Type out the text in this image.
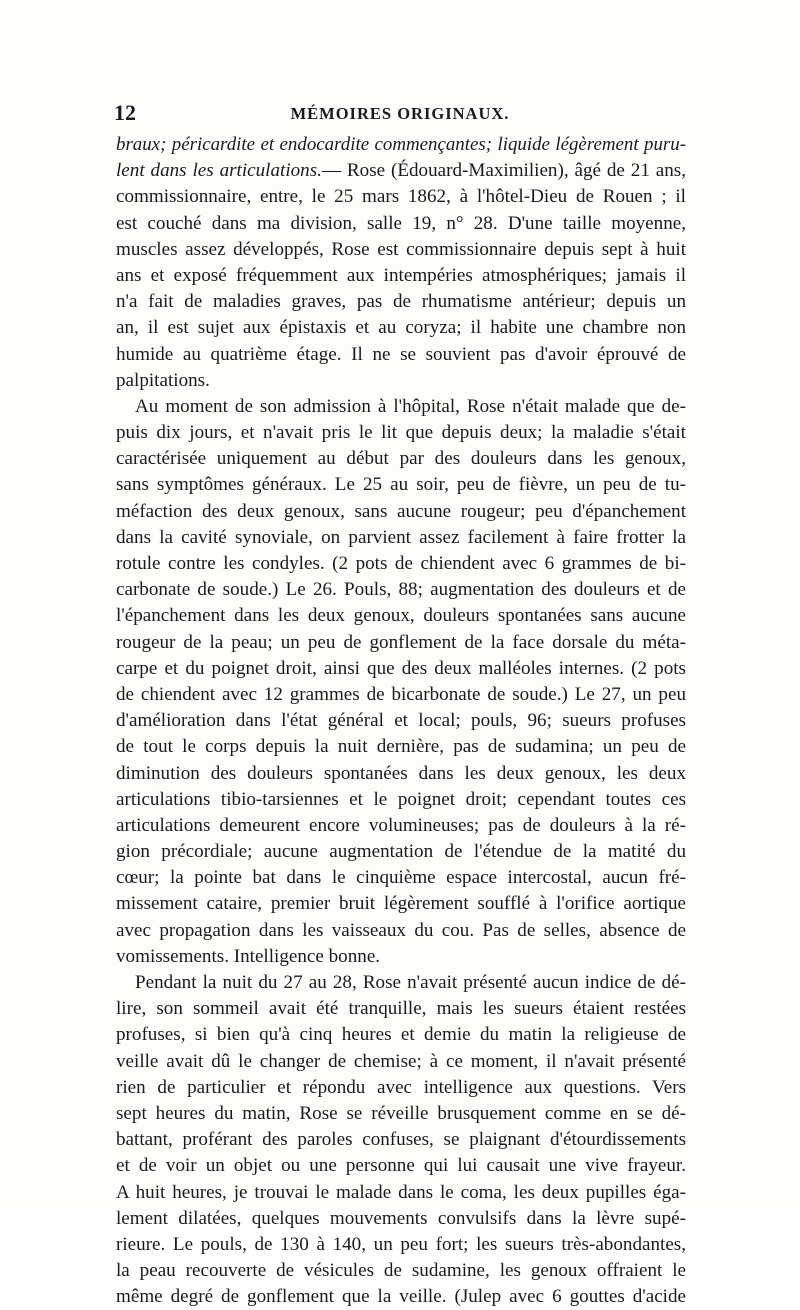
12	MÉMOIRES ORIGINAUX.
braux; péricardite et endocardite commençantes; liquide légèrement puru-
lent dans les articulations.— Rose (Édouard-Maximilien), âgé de 21 ans,
commissionnaire, entre, le 25 mars 1862, à l'hôtel-Dieu de Rouen ; il
est couché dans ma division, salle 19, n° 28. D'une taille moyenne,
muscles assez développés, Rose est commissionnaire depuis sept à huit
ans et exposé fréquemment aux intempéries atmosphériques; jamais il
n'a fait de maladies graves, pas de rhumatisme antérieur; depuis un
an, il est sujet aux épistaxis et au coryza; il habite une chambre non
humide au quatrième étage. Il ne se souvient pas d'avoir éprouvé de
palpitations.
Au moment de son admission à l'hôpital, Rose n'était malade que de-
puis dix jours, et n'avait pris le lit que depuis deux; la maladie s'était
caractérisée uniquement au début par des douleurs dans les genoux,
sans symptômes généraux. Le 25 au soir, peu de fièvre, un peu de tu-
méfaction des deux genoux, sans aucune rougeur; peu d'épanchement
dans la cavité synoviale, on parvient assez facilement à faire frotter la
rotule contre les condyles. (2 pots de chiendent avec 6 grammes de bi-
carbonate de soude.) Le 26. Pouls, 88; augmentation des douleurs et de
l'épanchement dans les deux genoux, douleurs spontanées sans aucune
rougeur de la peau; un peu de gonflement de la face dorsale du méta-
carpe et du poignet droit, ainsi que des deux malléoles internes. (2 pots
de chiendent avec 12 grammes de bicarbonate de soude.) Le 27, un peu
d'amélioration dans l'état général et local; pouls, 96; sueurs profuses
de tout le corps depuis la nuit dernière, pas de sudamina; un peu de
diminution des douleurs spontanées dans les deux genoux, les deux
articulations tibio-tarsiennes et le poignet droit; cependant toutes ces
articulations demeurent encore volumineuses; pas de douleurs à la ré-
gion précordiale; aucune augmentation de l'étendue de la matité du
cœur; la pointe bat dans le cinquième espace intercostal, aucun fré-
missement cataire, premier bruit légèrement soufflé à l'orifice aortique
avec propagation dans les vaisseaux du cou. Pas de selles, absence de
vomissements. Intelligence bonne.
Pendant la nuit du 27 au 28, Rose n'avait présenté aucun indice de dé-
lire, son sommeil avait été tranquille, mais les sueurs étaient restées
profuses, si bien qu'à cinq heures et demie du matin la religieuse de
veille avait dû le changer de chemise; à ce moment, il n'avait présenté
rien de particulier et répondu avec intelligence aux questions. Vers
sept heures du matin, Rose se réveille brusquement comme en se dé-
battant, proférant des paroles confuses, se plaignant d'étourdissements
et de voir un objet ou une personne qui lui causait une vive frayeur.
A huit heures, je trouvai le malade dans le coma, les deux pupilles éga-
lement dilatées, quelques mouvements convulsifs dans la lèvre supé-
rieure. Le pouls, de 130 à 140, un peu fort; les sueurs très-abondantes,
la peau recouverte de vésicules de sudamine, les genoux offraient le
même degré de gonflement que la veille. (Julep avec 6 gouttes d'acide
